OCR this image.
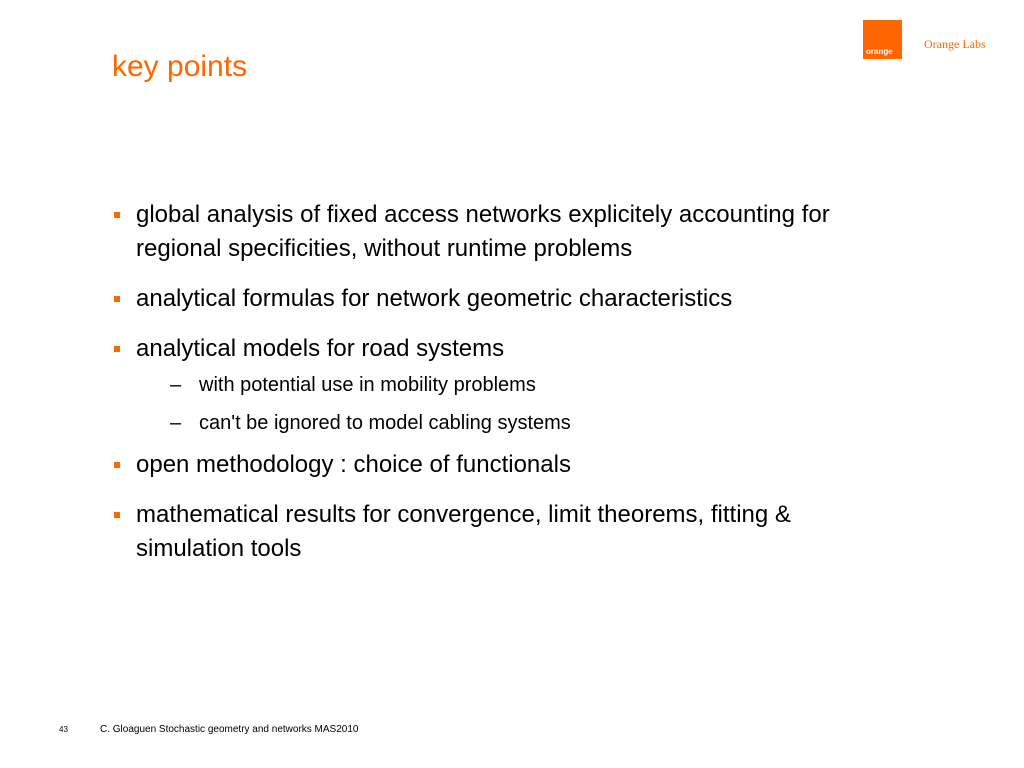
key points	orange
Orange Labs
global analysis of fixed access networks explicitely accounting for regional specificities, without runtime problems
analytical formulas for network geometric characteristics
analytical models for road systems
– with potential use in mobility problems
– can't be ignored to model cabling systems
open methodology : choice of functionals
mathematical results for convergence, limit theorems, fitting & simulation tools
43	C. Gloaguen Stochastic geometry and networks MAS2010
